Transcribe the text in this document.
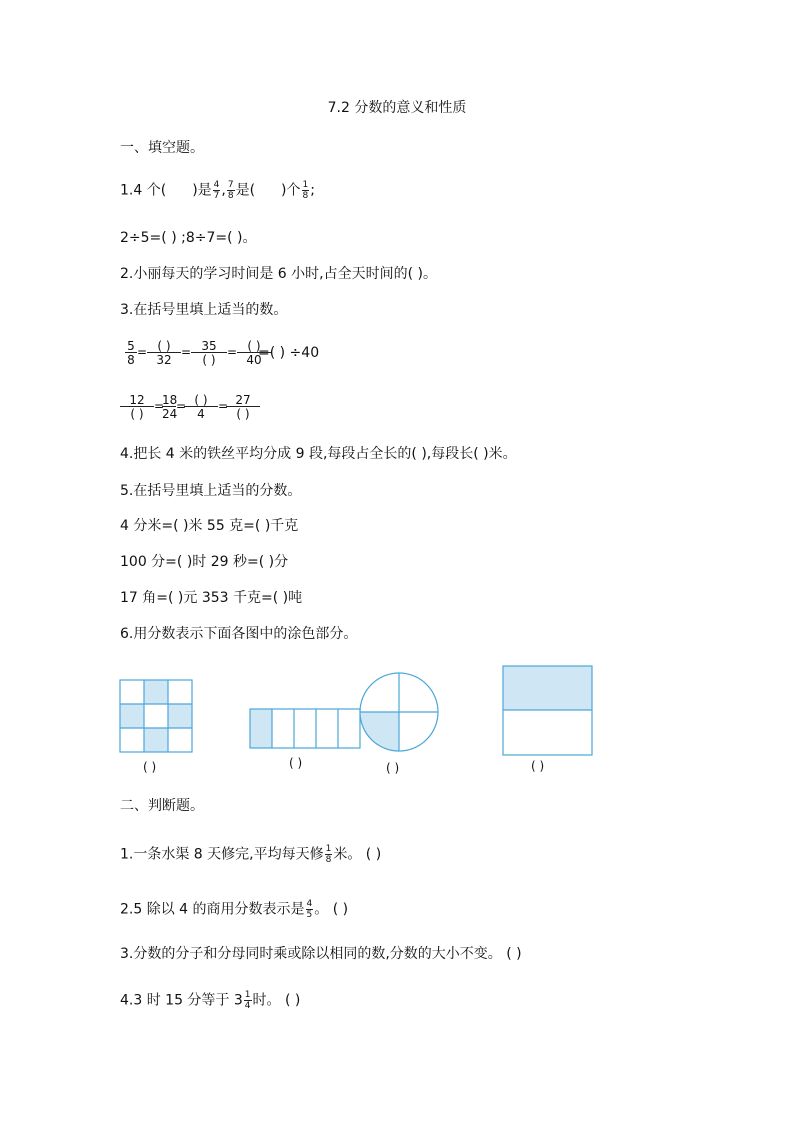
7.2 分数的意义和性质
一、填空题。
1.4 个( )是 $\frac{4}{7}$ , $\frac{7}{8}$ 是( )个 $\frac{1}{8}$ ;
2÷5=( ) ;8÷7=( )。
2.小丽每天的学习时间是 6 小时,占全天时间的( )。
3.在括号里填上适当的数。
5
8
= ( )
32
= 35
( )
= ( )
40
=( ) ÷40
12
( )
=
18
24
= ( )
4
= 27
( )
4.把长 4 米的铁丝平均分成 9 段,每段占全长的( ),每段长( )米。
5.在括号里填上适当的分数。
4 分米=( )米 55 克=( )千克
100 分=( )时 29 秒=( )分
17 角=( )元 353 千克=( )吨
6.用分数表示下面各图中的涂色部分。
( )	( )	( )	( )
二、判断题。
1.一条水渠 8 天修完,平均每天修 $\frac{1}{8}$ 米。 ( )
2.5 除以 4 的商用分数表示是 $\frac{4}{5}$ 。 ( )
3.分数的分子和分母同时乘或除以相同的数,分数的大小不变。 ( )
4.3 时 15 分等于 $3 \frac{1}{4}$ 时。 ( )
